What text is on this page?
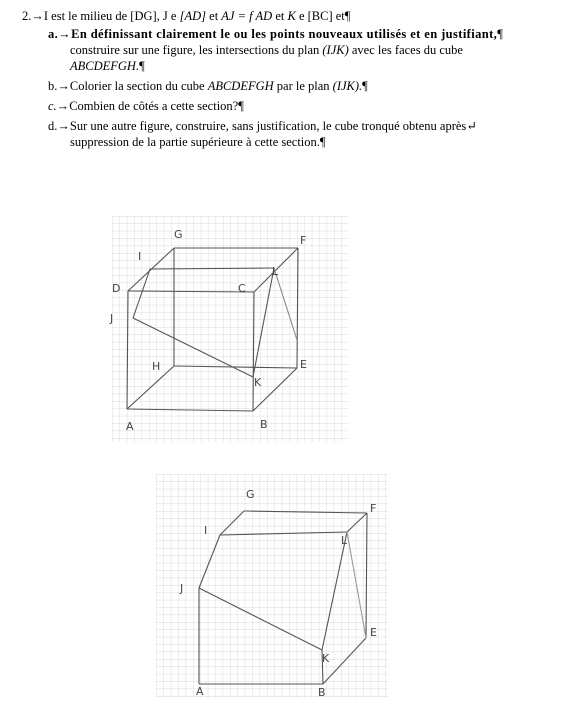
2.→I est le milieu de [DG], J e [AD] et AJ = f AD et K e [BC] et¶
a.→En définissant clairement le ou les points nouveaux utilisés et en justifiant,¶
construire sur une figure, les intersections du plan (IJK) avec les faces du cube
ABCDEFGH.¶
b.→Colorier la section du cube ABCDEFGH par le plan (IJK).¶
c.→Combien de côtés a cette section?¶
d.→Sur une autre figure, construire, sans justification, le cube tronqué obtenu après↵
suppression de la partie supérieure à cette section.¶
I
G	F
D
L
C
J
H
K
E
A	B
G
F
I
L
J
E
K
A	B
